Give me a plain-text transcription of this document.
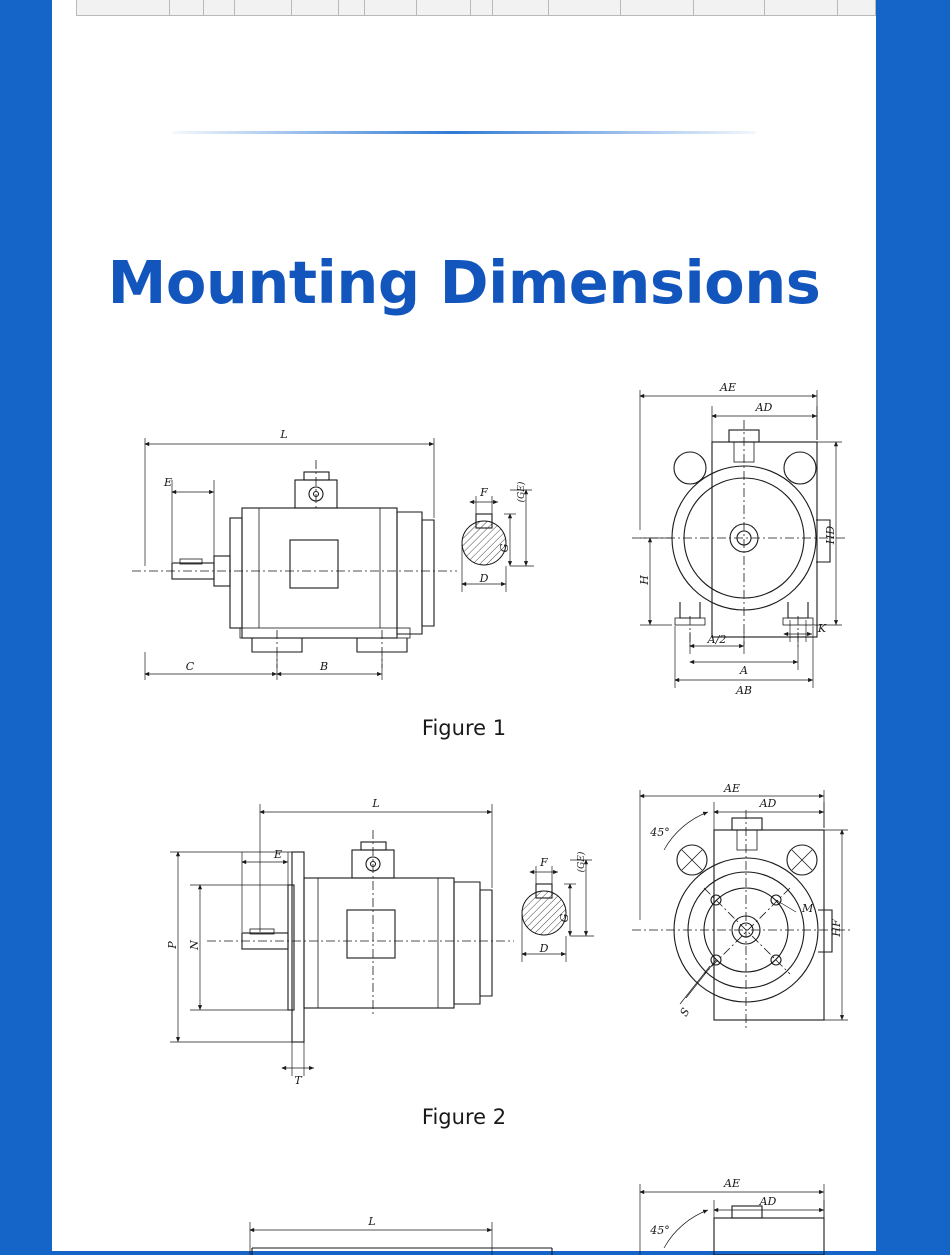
Mounting Dimensions
L
E
C	B
F	(GE)
G
D
AE
AD
HD
H
A/2
A
AB
K
Figure 1
L
E
P N
T
F	(GE)
G
D
AE
AD
45°
HF
M
S
Figure 2
L
AE
AD
45°
